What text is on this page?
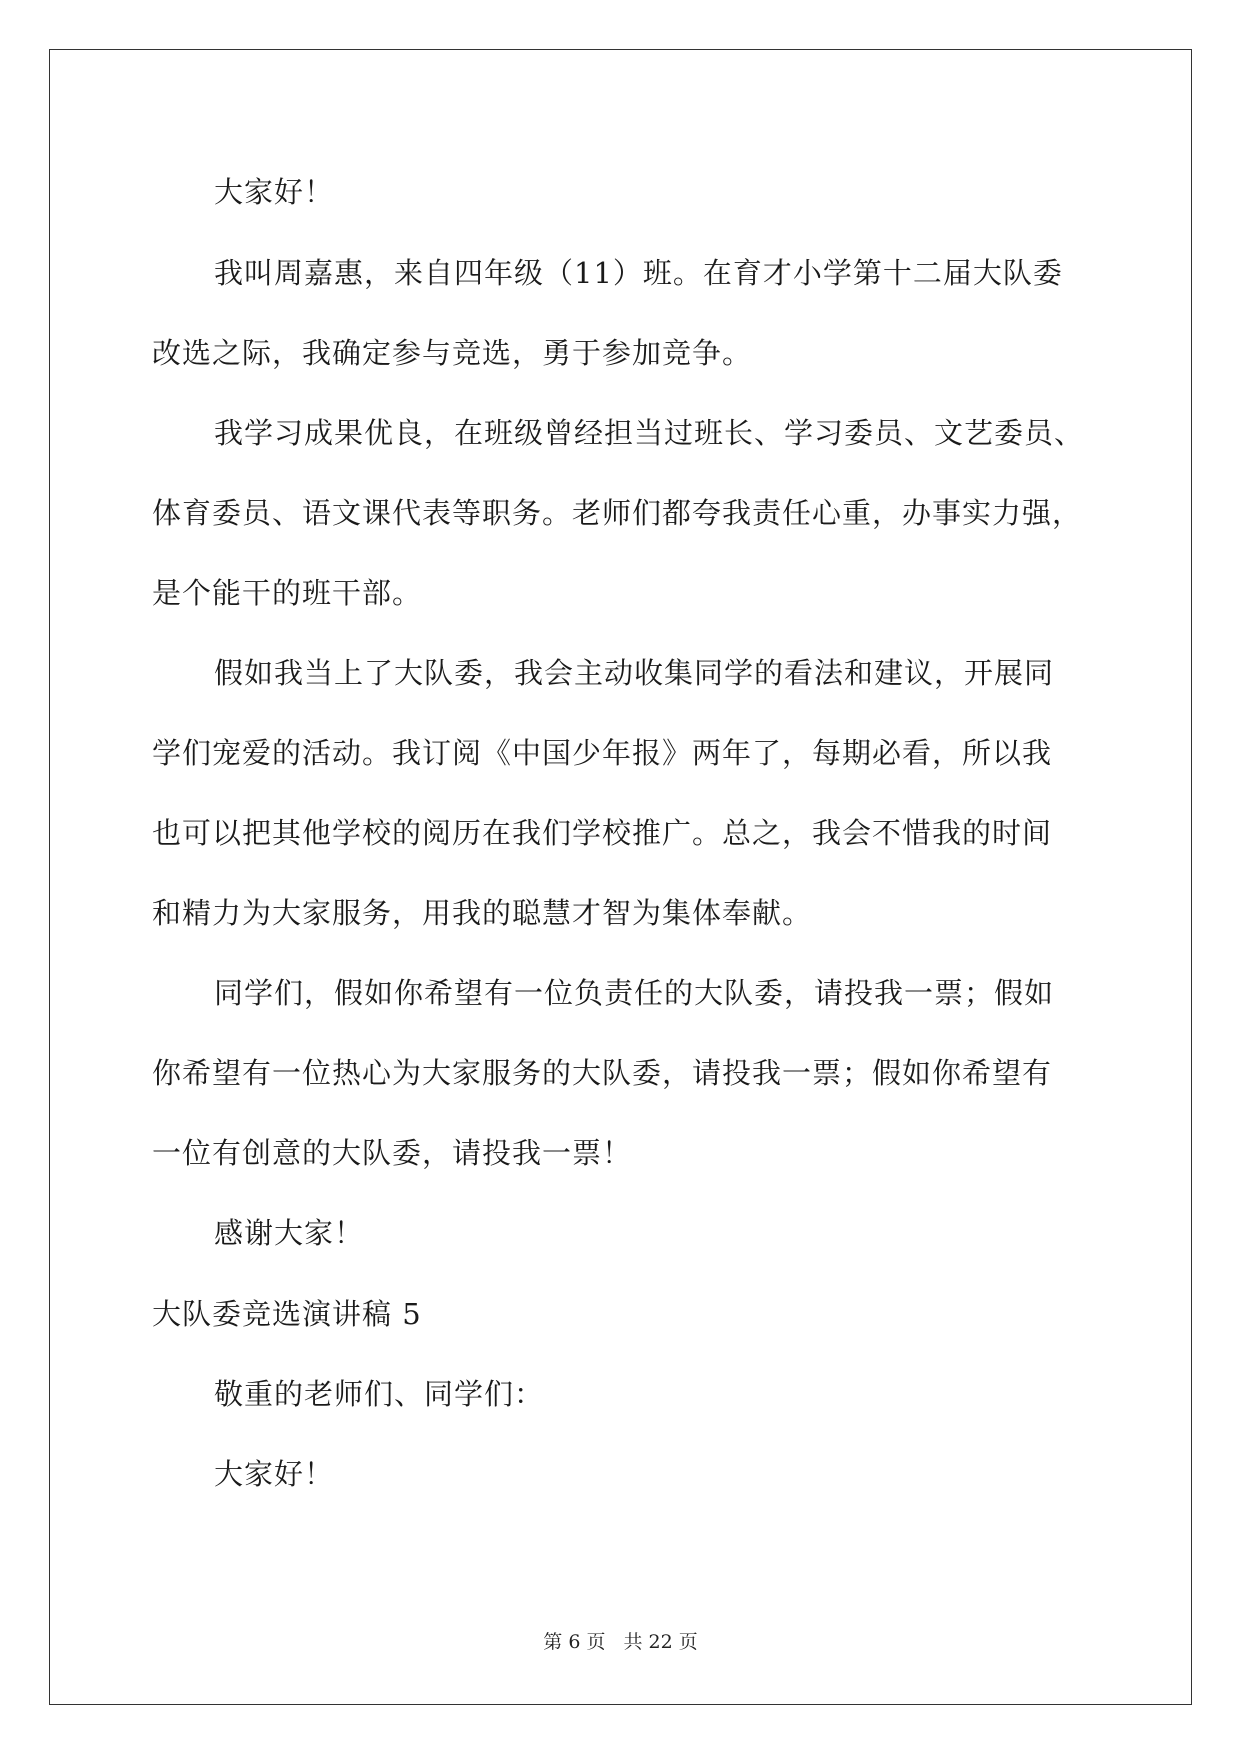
大家好！
我叫周嘉惠，来自四年级（11）班。在育才小学第十二届大队委
改选之际，我确定参与竞选，勇于参加竞争。
我学习成果优良，在班级曾经担当过班长、学习委员、文艺委员、
体育委员、语文课代表等职务。老师们都夸我责任心重，办事实力强，
是个能干的班干部。
假如我当上了大队委，我会主动收集同学的看法和建议，开展同
学们宠爱的活动。我订阅《中国少年报》两年了，每期必看，所以我
也可以把其他学校的阅历在我们学校推广。总之，我会不惜我的时间
和精力为大家服务，用我的聪慧才智为集体奉献。
同学们，假如你希望有一位负责任的大队委，请投我一票；假如
你希望有一位热心为大家服务的大队委，请投我一票；假如你希望有
一位有创意的大队委，请投我一票！
感谢大家！
大队委竞选演讲稿 5
敬重的老师们、同学们：
大家好！
第 6 页 共 22 页
